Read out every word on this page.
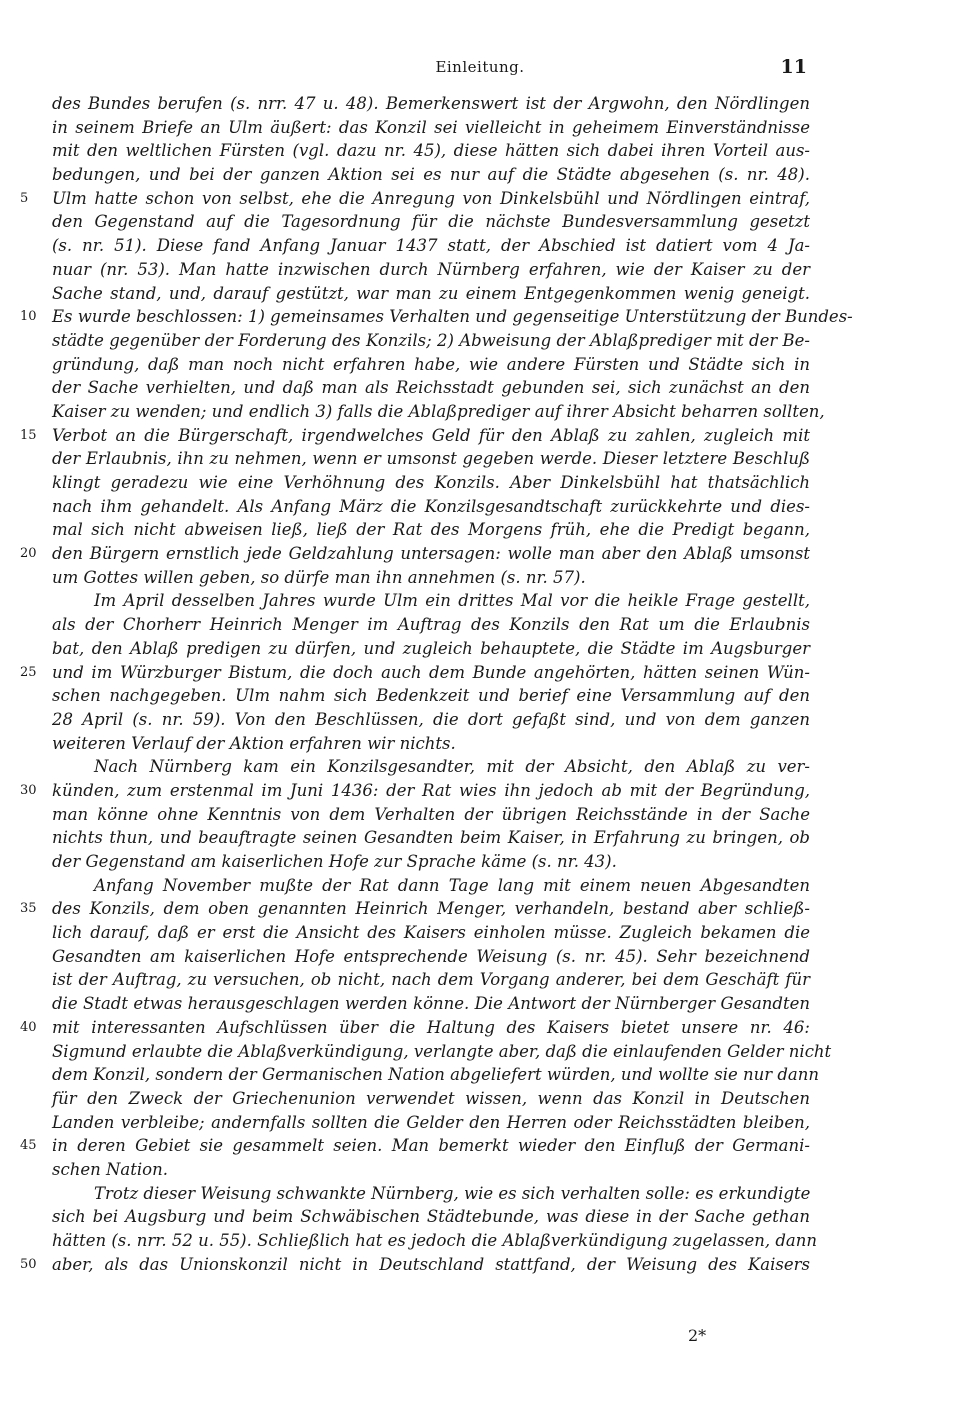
Einleitung.	11
des Bundes berufen (s. nrr. 47 u. 48). Bemerkenswert ist der Argwohn, den Nördlingen
in seinem Briefe an Ulm äußert: das Konzil sei vielleicht in geheimem Einverständnisse
mit den weltlichen Fürsten (vgl. dazu nr. 45), diese hätten sich dabei ihren Vorteil aus-
bedungen, und bei der ganzen Aktion sei es nur auf die Städte abgesehen (s. nr. 48).
5 Ulm hatte schon von selbst, ehe die Anregung von Dinkelsbühl und Nördlingen eintraf,
den Gegenstand auf die Tagesordnung für die nächste Bundesversammlung gesetzt
(s. nr. 51). Diese fand Anfang Januar 1437 statt, der Abschied ist datiert vom 4 Ja-
nuar (nr. 53). Man hatte inzwischen durch Nürnberg erfahren, wie der Kaiser zu der
Sache stand, und, darauf gestützt, war man zu einem Entgegenkommen wenig geneigt.
10 Es wurde beschlossen: 1) gemeinsames Verhalten und gegenseitige Unterstützung der Bundes-
städte gegenüber der Forderung des Konzils; 2) Abweisung der Ablaßprediger mit der Be-
gründung, daß man noch nicht erfahren habe, wie andere Fürsten und Städte sich in
der Sache verhielten, und daß man als Reichsstadt gebunden sei, sich zunächst an den
Kaiser zu wenden; und endlich 3) falls die Ablaßprediger auf ihrer Absicht beharren sollten,
15 Verbot an die Bürgerschaft, irgendwelches Geld für den Ablaß zu zahlen, zugleich mit
der Erlaubnis, ihn zu nehmen, wenn er umsonst gegeben werde. Dieser letztere Beschluß
klingt geradezu wie eine Verhöhnung des Konzils. Aber Dinkelsbühl hat thatsächlich
nach ihm gehandelt. Als Anfang März die Konzilsgesandtschaft zurückkehrte und dies-
mal sich nicht abweisen ließ, ließ der Rat des Morgens früh, ehe die Predigt begann,
20 den Bürgern ernstlich jede Geldzahlung untersagen: wolle man aber den Ablaß umsonst
um Gottes willen geben, so dürfe man ihn annehmen (s. nr. 57).
Im April desselben Jahres wurde Ulm ein drittes Mal vor die heikle Frage gestellt,
als der Chorherr Heinrich Menger im Auftrag des Konzils den Rat um die Erlaubnis
bat, den Ablaß predigen zu dürfen, und zugleich behauptete, die Städte im Augsburger
25 und im Würzburger Bistum, die doch auch dem Bunde angehörten, hätten seinen Wün-
schen nachgegeben. Ulm nahm sich Bedenkzeit und berief eine Versammlung auf den
28 April (s. nr. 59). Von den Beschlüssen, die dort gefaßt sind, und von dem ganzen
weiteren Verlauf der Aktion erfahren wir nichts.
Nach Nürnberg kam ein Konzilsgesandter, mit der Absicht, den Ablaß zu ver-
30 künden, zum erstenmal im Juni 1436: der Rat wies ihn jedoch ab mit der Begründung,
man könne ohne Kenntnis von dem Verhalten der übrigen Reichsstände in der Sache
nichts thun, und beauftragte seinen Gesandten beim Kaiser, in Erfahrung zu bringen, ob
der Gegenstand am kaiserlichen Hofe zur Sprache käme (s. nr. 43).
Anfang November mußte der Rat dann Tage lang mit einem neuen Abgesandten
35 des Konzils, dem oben genannten Heinrich Menger, verhandeln, bestand aber schließ-
lich darauf, daß er erst die Ansicht des Kaisers einholen müsse. Zugleich bekamen die
Gesandten am kaiserlichen Hofe entsprechende Weisung (s. nr. 45). Sehr bezeichnend
ist der Auftrag, zu versuchen, ob nicht, nach dem Vorgang anderer, bei dem Geschäft für
die Stadt etwas herausgeschlagen werden könne. Die Antwort der Nürnberger Gesandten
40 mit interessanten Aufschlüssen über die Haltung des Kaisers bietet unsere nr. 46:
Sigmund erlaubte die Ablaßverkündigung, verlangte aber, daß die einlaufenden Gelder nicht
dem Konzil, sondern der Germanischen Nation abgeliefert würden, und wollte sie nur dann
für den Zweck der Griechenunion verwendet wissen, wenn das Konzil in Deutschen
Landen verbleibe; andernfalls sollten die Gelder den Herren oder Reichsstädten bleiben,
45 in deren Gebiet sie gesammelt seien. Man bemerkt wieder den Einfluß der Germani-
schen Nation.
Trotz dieser Weisung schwankte Nürnberg, wie es sich verhalten solle: es erkundigte
sich bei Augsburg und beim Schwäbischen Städtebunde, was diese in der Sache gethan
hätten (s. nrr. 52 u. 55). Schließlich hat es jedoch die Ablaßverkündigung zugelassen, dann
50 aber, als das Unionskonzil nicht in Deutschland stattfand, der Weisung des Kaisers
2*
